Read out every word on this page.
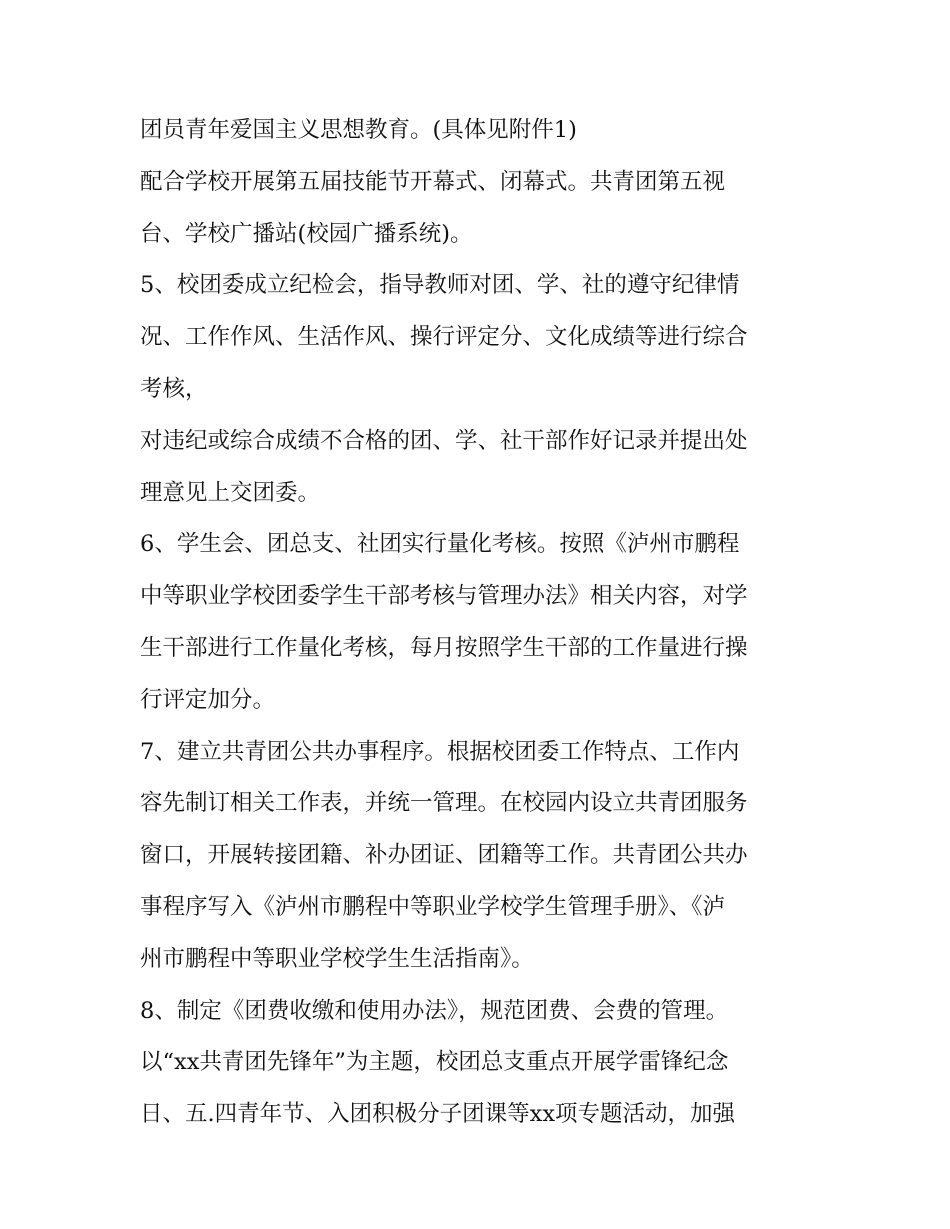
团员青年爱国主义思想教育。(具体见附件1)
配合学校开展第五届技能节开幕式、闭幕式。共青团第五视
台、学校广播站(校园广播系统)。
5、校团委成立纪检会，指导教师对团、学、社的遵守纪律情
况、工作作风、生活作风、操行评定分、文化成绩等进行综合
考核，
对违纪或综合成绩不合格的团、学、社干部作好记录并提出处
理意见上交团委。
6、学生会、团总支、社团实行量化考核。按照《泸州市鹏程
中等职业学校团委学生干部考核与管理办法》相关内容，对学
生干部进行工作量化考核，每月按照学生干部的工作量进行操
行评定加分。
7、建立共青团公共办事程序。根据校团委工作特点、工作内
容先制订相关工作表，并统一管理。在校园内设立共青团服务
窗口，开展转接团籍、补办团证、团籍等工作。共青团公共办
事程序写入《泸州市鹏程中等职业学校学生管理手册》、《泸
州市鹏程中等职业学校学生生活指南》。
8、制定《团费收缴和使用办法》，规范团费、会费的管理。
以“xx共青团先锋年”为主题，校团总支重点开展学雷锋纪念
日、五.四青年节、入团积极分子团课等xx项专题活动，加强
